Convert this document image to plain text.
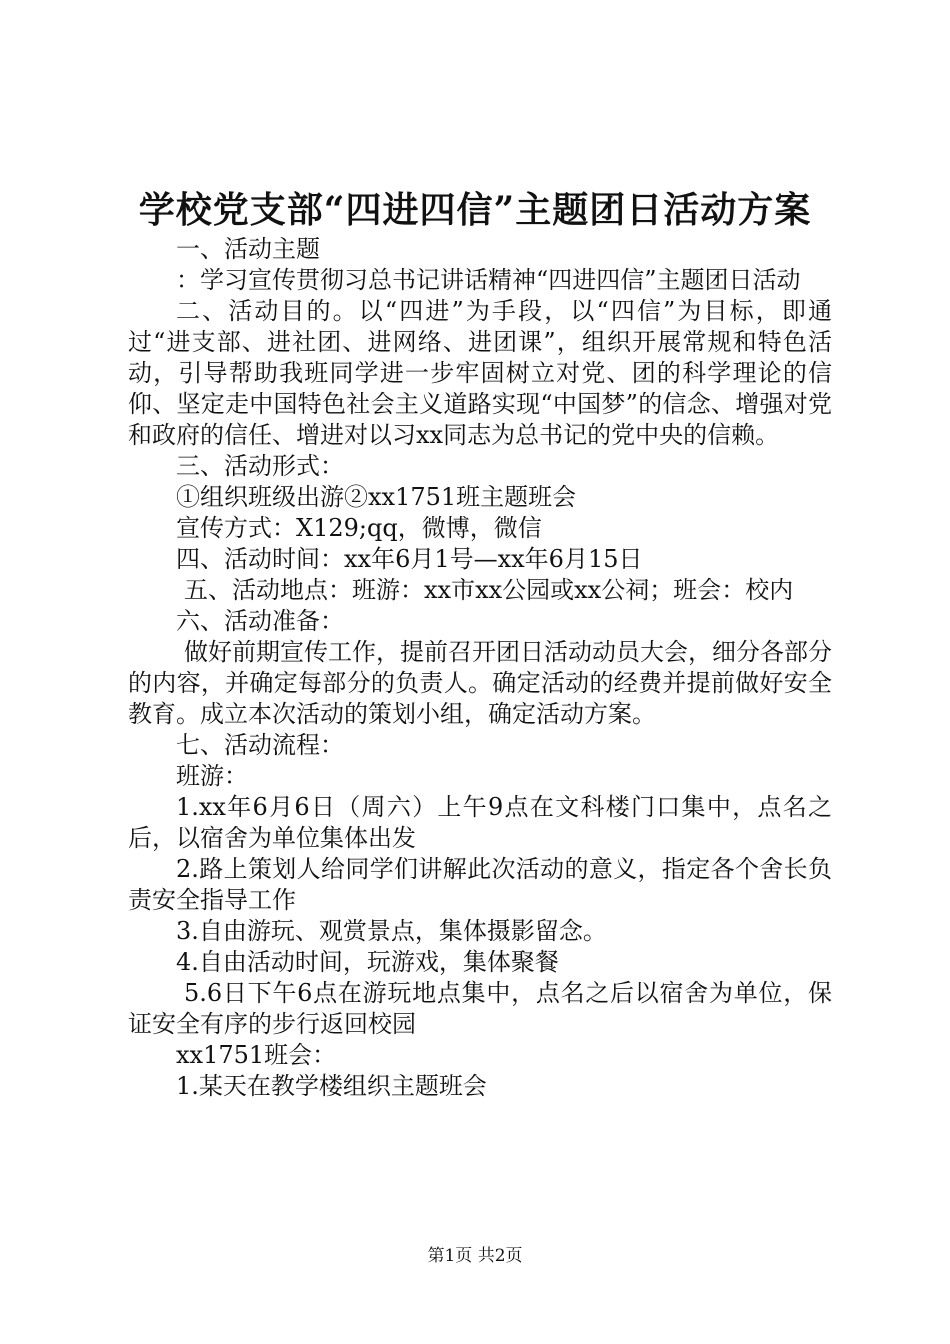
学校党支部“四进四信”主题团日活动方案

一、活动主题

：学习宣传贯彻习总书记讲话精神“四进四信”主题团日活动

二、活动目的。以“四进”为手段，以“四信”为目标，即通过“进支部、进社团、进网络、进团课”，组织开展常规和特色活动，引导帮助我班同学进一步牢固树立对党、团的科学理论的信仰、坚定走中国特色社会主义道路实现“中国梦”的信念、增强对党和政府的信任、增进对以习xx同志为总书记的党中央的信赖。

三、活动形式：

①组织班级出游②xx1751班主题班会

宣传方式：X129;qq，微博，微信

四、活动时间：xx年6月1号—xx年6月15日

五、活动地点：班游：xx市xx公园或xx公祠；班会：校内

六、活动准备：

做好前期宣传工作，提前召开团日活动动员大会，细分各部分的内容，并确定每部分的负责人。确定活动的经费并提前做好安全教育。成立本次活动的策划小组，确定活动方案。

七、活动流程：

班游：

1.xx年6月6日（周六）上午9点在文科楼门口集中，点名之后，以宿舍为单位集体出发

2.路上策划人给同学们讲解此次活动的意义，指定各个舍长负责安全指导工作

3.自由游玩、观赏景点，集体摄影留念。

4.自由活动时间，玩游戏，集体聚餐

5.6日下午6点在游玩地点集中，点名之后以宿舍为单位，保证安全有序的步行返回校园

xx1751班会：

1.某天在教学楼组织主题班会

第1页 共2页
